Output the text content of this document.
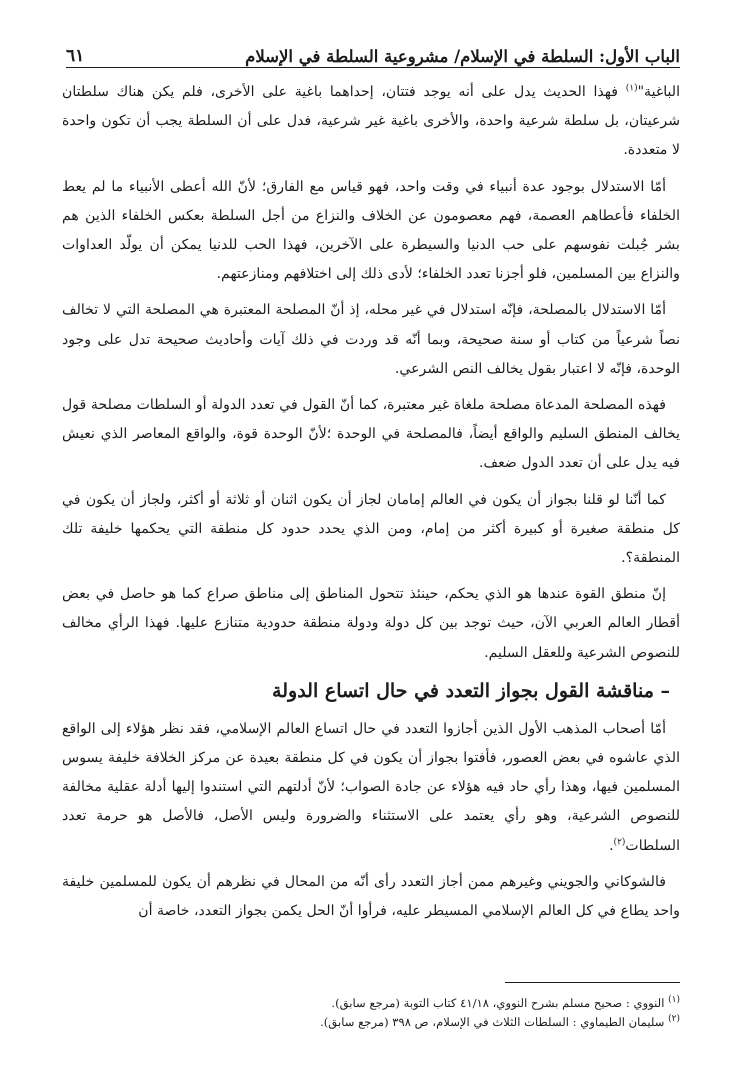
الباب الأول: السلطة في الإسلام/ مشروعية السلطة في الإسلام
٦١

الباغية"$^{(١)}$ فهذا الحديث يدل على أنه يوجد فتتان، إحداهما باغية على الأخرى، فلم يكن هناك سلطتان شرعيتان، بل سلطة شرعية واحدة، والأخرى باغية غير شرعية، فدل على أن السلطة يجب أن تكون واحدة لا متعددة.

أمّا الاستدلال بوجود عدة أنبياء في وقت واحد، فهو قياس مع الفارق؛ لأنّ الله أعطى الأنبياء ما لم يعط الخلفاء فأعطاهم العصمة، فهم معصومون عن الخلاف والنزاع من أجل السلطة بعكس الخلفاء الذين هم بشر جُبلت نفوسهم على حب الدنيا والسيطرة على الآخرين، فهذا الحب للدنيا يمكن أن يولّد العداوات والنزاع بين المسلمين، فلو أجزنا تعدد الخلفاء؛ لأدى ذلك إلى اختلافهم ومنازعتهم.

أمّا الاستدلال بالمصلحة، فإنّه استدلال في غير محله، إذ أنّ المصلحة المعتبرة هي المصلحة التي لا تخالف نصاً شرعياً من كتاب أو سنة صحيحة، وبما أنّه قد وردت في ذلك آيات وأحاديث صحيحة تدل على وجود الوحدة، فإنّه لا اعتبار بقول يخالف النص الشرعي.

فهذه المصلحة المدعاة مصلحة ملغاة غير معتبرة، كما أنّ القول في تعدد الدولة أو السلطات مصلحة قول يخالف المنطق السليم والواقع أيضاً، فالمصلحة في الوحدة ؛لأنّ الوحدة قوة، والواقع المعاصر الذي نعيش فيه يدل على أن تعدد الدول ضعف.

كما أنّنا لو قلنا بجواز أن يكون في العالم إمامان لجاز أن يكون اثنان أو ثلاثة أو أكثر، ولجاز أن يكون في كل منطقة صغيرة أو كبيرة أكثر من إمام، ومن الذي يحدد حدود كل منطقة التي يحكمها خليفة تلك المنطقة؟.

إنّ منطق القوة عندها هو الذي يحكم، حينئذ تتحول المناطق إلى مناطق صراع كما هو حاصل في بعض أقطار العالم العربي الآن، حيث توجد بين كل دولة ودولة منطقة حدودية متنازع عليها. فهذا الرأي مخالف للنصوص الشرعية وللعقل السليم.

– مناقشة القول بجواز التعدد في حال اتساع الدولة

أمّا أصحاب المذهب الأول الذين أجازوا التعدد في حال اتساع العالم الإسلامي، فقد نظر هؤلاء إلى الواقع الذي عاشوه في بعض العصور، فأفتوا بجواز أن يكون في كل منطقة بعيدة عن مركز الخلافة خليفة يسوس المسلمين فيها، وهذا رأي حاد فيه هؤلاء عن جادة الصواب؛ لأنّ أدلتهم التي استندوا إليها أدلة عقلية مخالفة للنصوص الشرعية، وهو رأي يعتمد على الاستثناء والضرورة وليس الأصل، فالأصل هو حرمة تعدد السلطات$^{(٢)}$.

فالشوكاني والجويني وغيرهم ممن أجاز التعدد رأى أنّه من المحال في نظرهم أن يكون للمسلمين خليفة واحد يطاع في كل العالم الإسلامي المسيطر عليه، فرأوا أنّ الحل يكمن بجواز التعدد، خاصة أن

$^{(١)}$ النووي : صحيح مسلم بشرح النووي، ٤١/١٨ كتاب التوبة (مرجع سابق).

$^{(٢)}$ سليمان الطيماوي : السلطات الثلاث في الإسلام، ص ٣٩٨ (مرجع سابق).
